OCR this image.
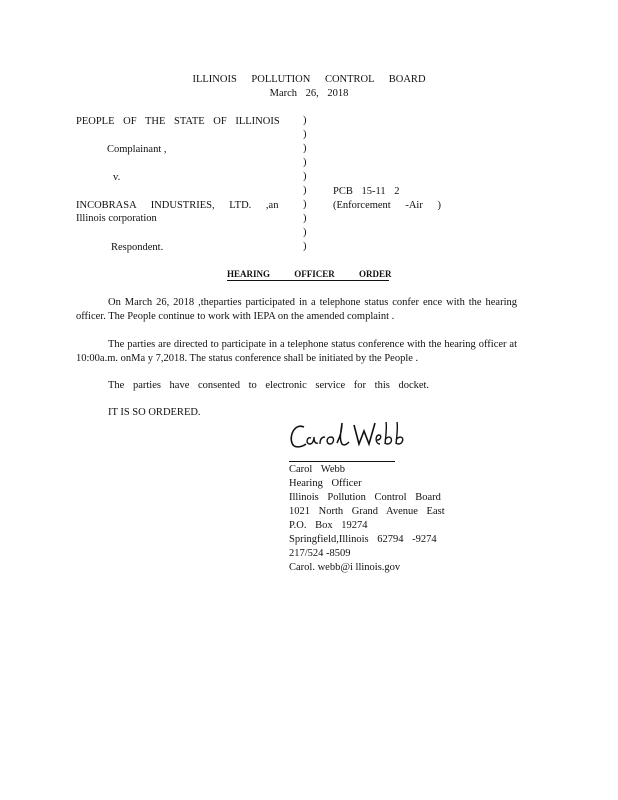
ILLINOIS POLLUTION CONTROL BOARD
March 26, 2018
PEOPLE OF THE STATE OF ILLINOIS
Complainant ,
v.
INCOBRASA INDUSTRIES, LTD. ,an
Illinois corporation
Respondent.
)
)
)
)
)
)
)
)
)
)
PCB 15-11 2
(Enforcement -Air )
HEARING OFFICER ORDER
On March 26, 2018 ,theparties participated in a telephone status confer ence with the hearing officer. The People continue to work with IEPA on the amended complaint .
The parties are directed to participate in a telephone status conference with the hearing officer at 10:00a.m. onMa y 7,2018. The status conference shall be initiated by the People .
The parties have consented to electronic service for this docket.
IT IS SO ORDERED.
Carol Webb
Hearing Officer
Illinois Pollution Control Board
1021 North Grand Avenue East
P.O. Box 19274
Springfield,Illinois 62794 -9274
217/524 -8509
Carol. webb@i llinois.gov
